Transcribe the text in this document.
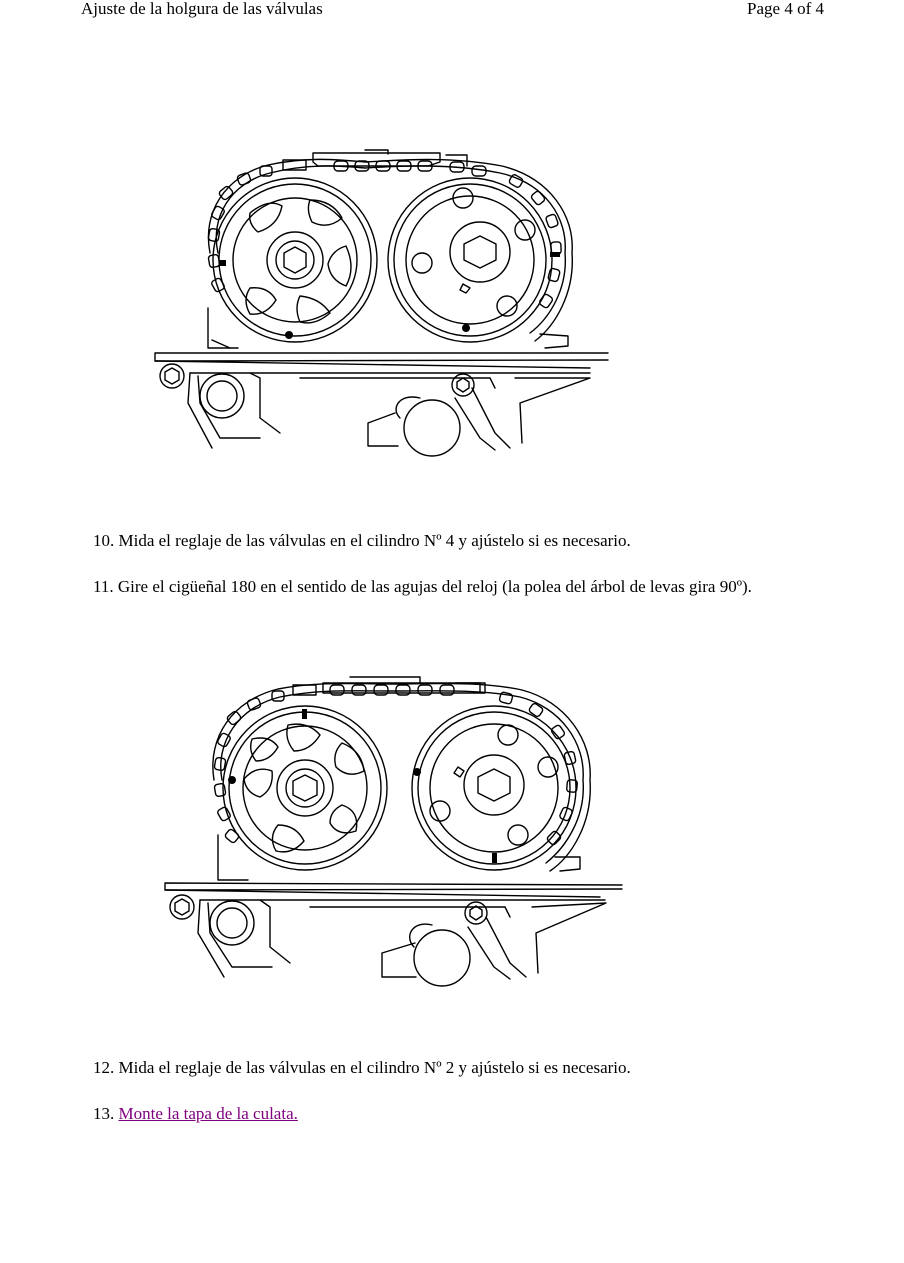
Ajuste de la holgura de las válvulas	Page 4 of 4
10. Mida el reglaje de las válvulas en el cilindro Nº 4 y ajústelo si es necesario.
11. Gire el cigüeñal 180 en el sentido de las agujas del reloj (la polea del árbol de levas gira 90º).
12. Mida el reglaje de las válvulas en el cilindro Nº 2 y ajústelo si es necesario.
13. Monte la tapa de la culata.
